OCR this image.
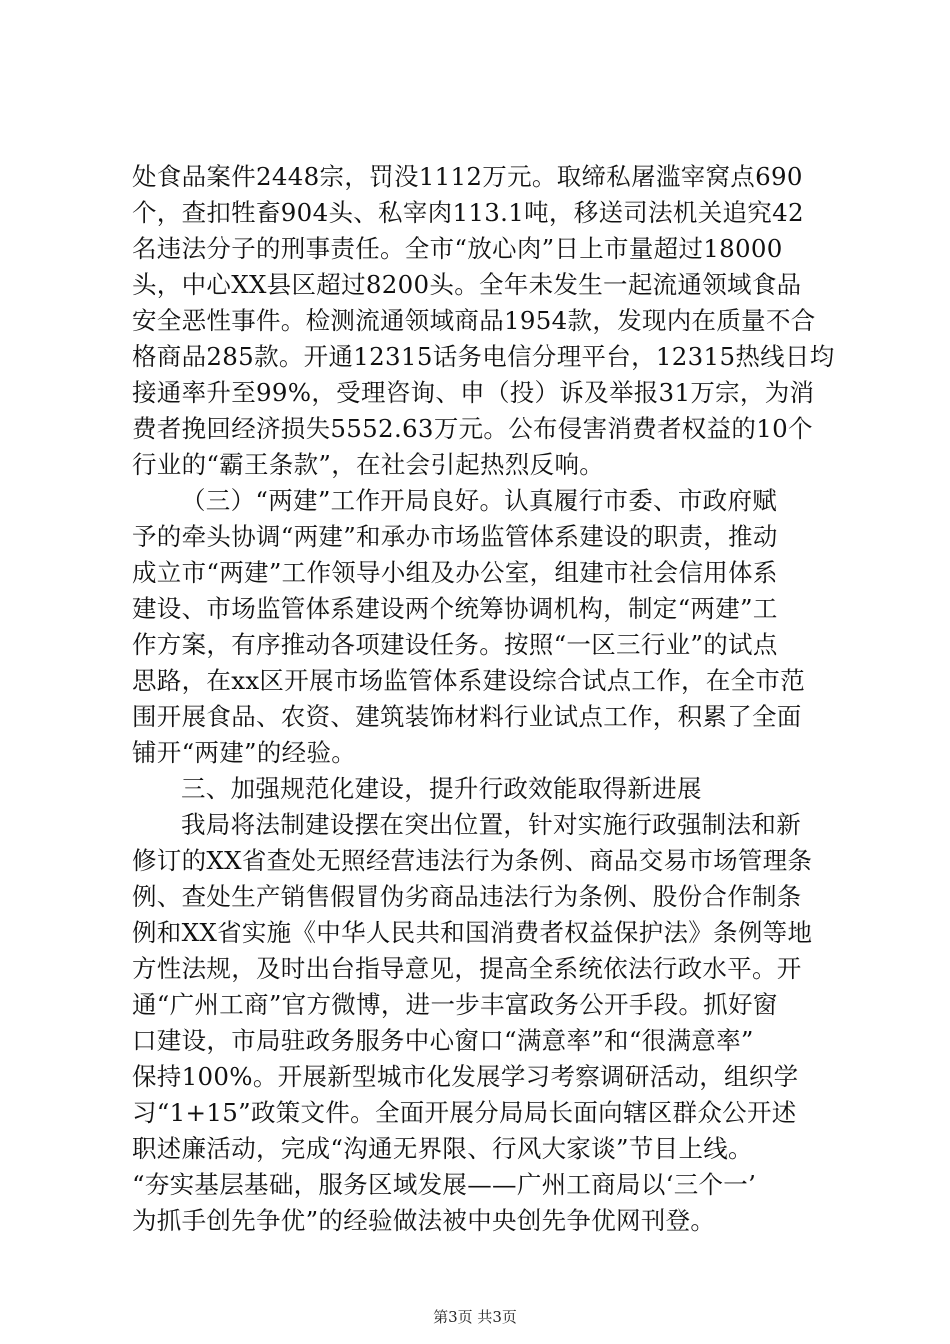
处食品案件2448宗，罚没1112万元。取缔私屠滥宰窝点690
个，查扣牲畜904头、私宰肉113.1吨，移送司法机关追究42
名违法分子的刑事责任。全市“放心肉”日上市量超过18000
头，中心XX县区超过8200头。全年未发生一起流通领域食品
安全恶性事件。检测流通领域商品1954款，发现内在质量不合
格商品285款。开通12315话务电信分理平台，12315热线日均
接通率升至99%，受理咨询、申（投）诉及举报31万宗，为消
费者挽回经济损失5552.63万元。公布侵害消费者权益的10个
行业的“霸王条款”，在社会引起热烈反响。
（三）“两建”工作开局良好。认真履行市委、市政府赋
予的牵头协调“两建”和承办市场监管体系建设的职责，推动
成立市“两建”工作领导小组及办公室，组建市社会信用体系
建设、市场监管体系建设两个统筹协调机构，制定“两建”工
作方案，有序推动各项建设任务。按照“一区三行业”的试点
思路，在xx区开展市场监管体系建设综合试点工作，在全市范
围开展食品、农资、建筑装饰材料行业试点工作，积累了全面
铺开“两建”的经验。
三、加强规范化建设，提升行政效能取得新进展
我局将法制建设摆在突出位置，针对实施行政强制法和新
修订的XX省查处无照经营违法行为条例、商品交易市场管理条
例、查处生产销售假冒伪劣商品违法行为条例、股份合作制条
例和XX省实施《中华人民共和国消费者权益保护法》条例等地
方性法规，及时出台指导意见，提高全系统依法行政水平。开
通“广州工商”官方微博，进一步丰富政务公开手段。抓好窗
口建设，市局驻政务服务中心窗口“满意率”和“很满意率”
保持100%。开展新型城市化发展学习考察调研活动，组织学
习“1+15”政策文件。全面开展分局局长面向辖区群众公开述
职述廉活动，完成“沟通无界限、行风大家谈”节目上线。
“夯实基层基础，服务区域发展——广州工商局以‘三个一’
为抓手创先争优”的经验做法被中央创先争优网刊登。
第3页 共3页
